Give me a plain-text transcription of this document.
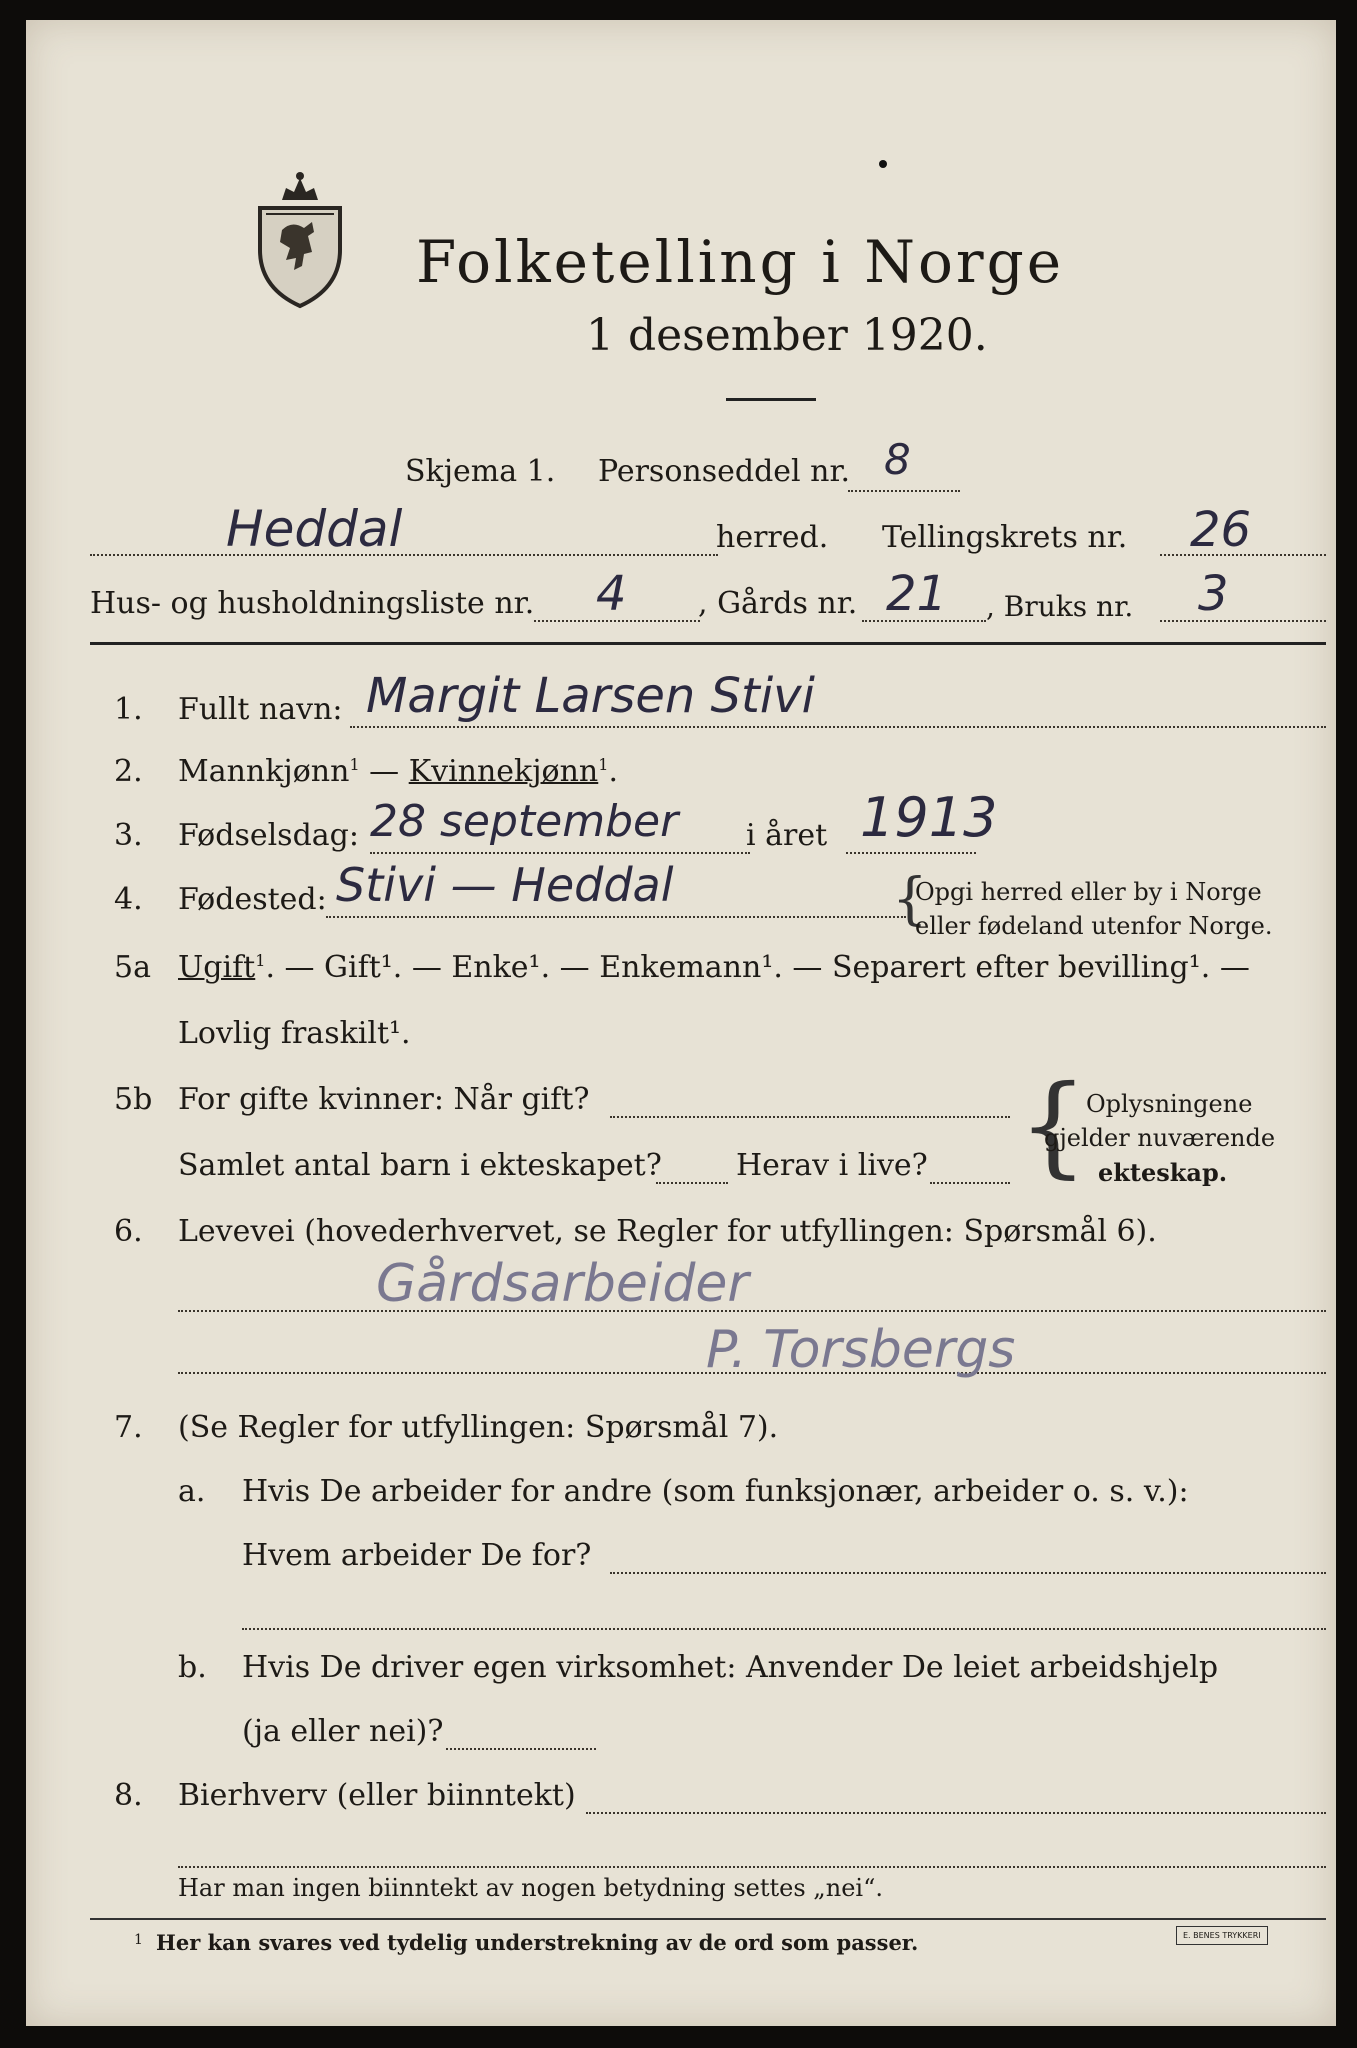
Folketelling i Norge
1 desember 1920.
Skjema 1. Personseddel nr. 8
Heddal	herred. Tellingskrets nr. 26
Hus- og husholdningsliste nr. 4 , Gårds nr. 21 , Bruks nr. 3
1. Fullt navn: Margit Larsen Stivi
2. Mannkjønn$^1$ — Kvinnekjønn$^1$.
3. Fødselsdag: 28 september i året 1913
4. Fødested: Stivi — Heddal	{
Opgi herred eller by i Norge
eller fødeland utenfor Norge.
5a Ugift$^1$. — Gift¹. — Enke¹. — Enkemann¹. — Separert efter bevilling¹. —
Lovlig fraskilt¹.
5b For gifte kvinner: Når gift?
Samlet antal barn i ekteskapet? Herav i live? {
Oplysningene
gjelder nuværende
ekteskap.
6. Levevei (hovederhvervet, se Regler for utfyllingen: Spørsmål 6).
Gårdsarbeider
P. Torsbergs
7. (Se Regler for utfyllingen: Spørsmål 7).
a. Hvis De arbeider for andre (som funksjonær, arbeider o. s. v.):
Hvem arbeider De for?
b. Hvis De driver egen virksomhet: Anvender De leiet arbeidshjelp
(ja eller nei)?
8. Bierhverv (eller biinntekt)
Har man ingen biinntekt av nogen betydning settes „nei“.
1 Her kan svares ved tydelig understrekning av de ord som passer.	E. BENES TRYKKERI
